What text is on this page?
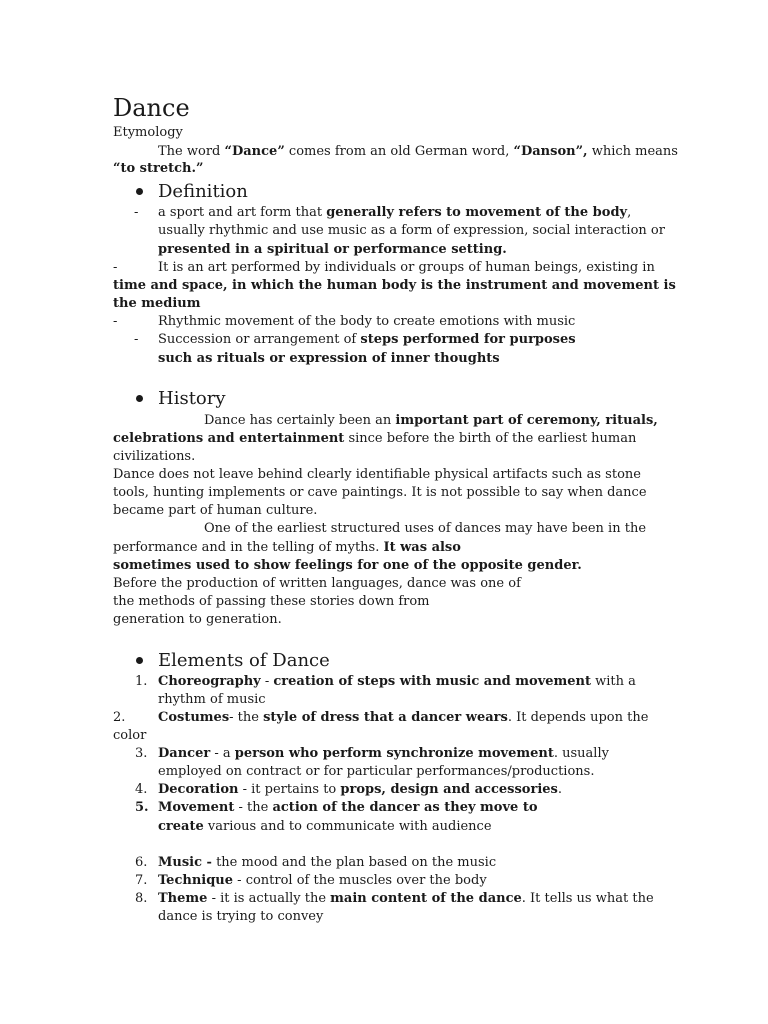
Dance
Etymology
The word “Dance” comes from an old German word, “Danson”, which means
“to stretch.”
Definition
- a sport and art form that generally refers to movement of the body,
usually rhythmic and use music as a form of expression, social interaction or
presented in a spiritual or performance setting.
-	It is an art performed by individuals or groups of human beings, existing in
time and space, in which the human body is the instrument and movement is
the medium
-	Rhythmic movement of the body to create emotions with music
- Succession or arrangement of steps performed for purposes
such as rituals or expression of inner thoughts
History
Dance has certainly been an important part of ceremony, rituals,
celebrations and entertainment since before the birth of the earliest human
civilizations.
Dance does not leave behind clearly identifiable physical artifacts such as stone
tools, hunting implements or cave paintings. It is not possible to say when dance
became part of human culture.
One of the earliest structured uses of dances may have been in the
performance and in the telling of myths. It was also
sometimes used to show feelings for one of the opposite gender.
Before the production of written languages, dance was one of
the methods of passing these stories down from
generation to generation.
Elements of Dance
1. Choreography - creation of steps with music and movement with a
rhythm of music
2.	Costumes- the style of dress that a dancer wears. It depends upon the
color
3. Dancer - a person who perform synchronize movement. usually
employed on contract or for particular performances/productions.
4. Decoration - it pertains to props, design and accessories.
5. Movement - the action of the dancer as they move to
create various and to communicate with audience
6. Music - the mood and the plan based on the music
7. Technique - control of the muscles over the body
8. Theme - it is actually the main content of the dance. It tells us what the
dance is trying to convey
